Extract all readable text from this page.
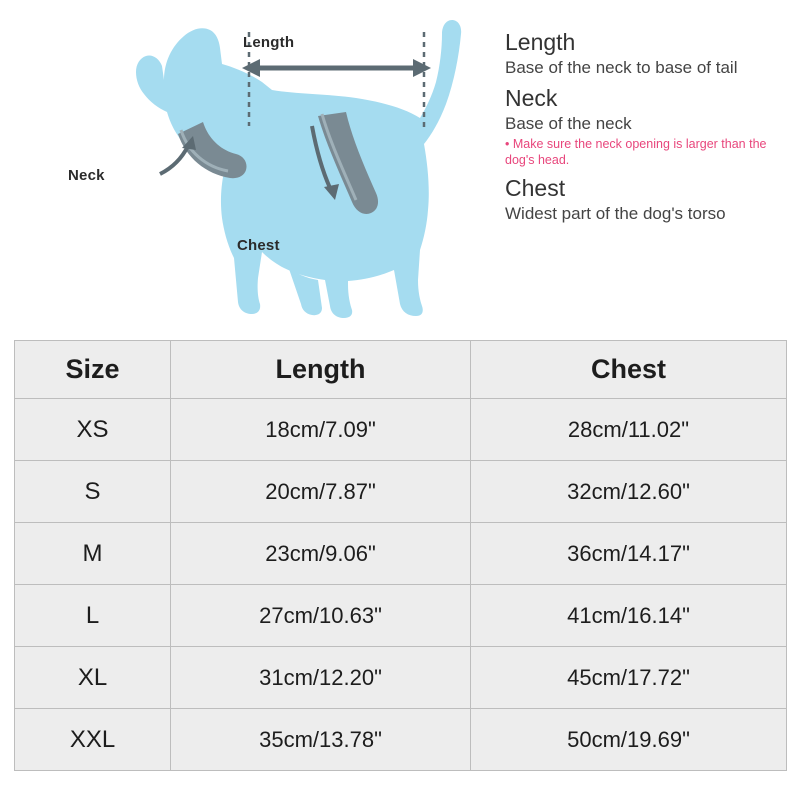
Length
Neck
Chest
Length
Base of the neck to base of tail
Neck
Base of the neck
• Make sure the neck opening is larger than the dog's head.
Chest
Widest part of the dog's torso
Size	Length	Chest
XS	18cm/7.09"	28cm/11.02"
S	20cm/7.87"	32cm/12.60"
M	23cm/9.06"	36cm/14.17"
L	27cm/10.63"	41cm/16.14"
XL	31cm/12.20"	45cm/17.72"
XXL	35cm/13.78"	50cm/19.69"
